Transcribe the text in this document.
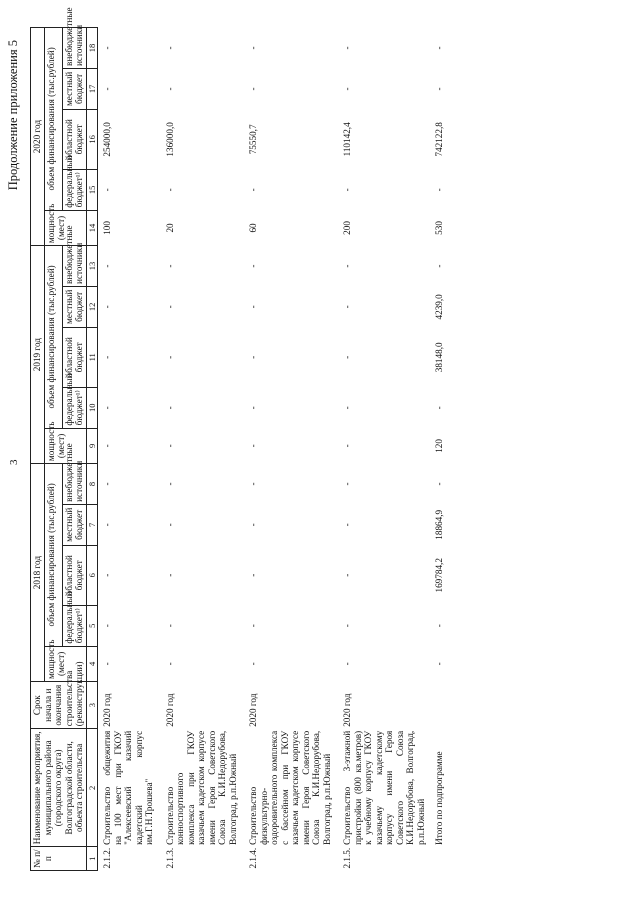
3
Продолжение приложения 5
№ п/п	Наименование мероприятия, муниципального района (городского округа) Волгоградской области, объекта строительства	Срок начала и окончания строительства (реконструкции)	2018 год					2019 год					2020 год				
			мощность (мест)	объем финансирования (тыс.рублей)				мощность (мест)	объем финансирования (тыс.рублей)				мощность (мест)	объем финансирования (тыс.рублей)			
				федеральный бюджет¹⁾	областной бюджет	местный бюджет	внебюджетные источники		федеральный бюджет¹⁾	областной бюджет	местный бюджет	внебюджетные источники		федеральный бюджет¹⁾	областной бюджет	местный бюджет	внебюджетные источники
1	2	3	4	5	6	7	8	9	10	11	12	13	14	15	16	17	18
2.1.2.	Строительство общежития на 100 мест при ГКОУ "Алексеевский казачий кадетский корпус им.Г.Н.Трошева"	2020 год	-	-	-	-	-	-	-	-	-	-	100	-	254000,0	-	-
2.1.3.	Строительство конноспортивного комплекса при ГКОУ казачьем кадетском корпусе имени Героя Советского Союза К.И.Недорубова, Волгоград, р.п.Южный	2020 год	-	-	-	-	-	-	-	-	-	-	20	-	136000,0	-	-
2.1.4.	Строительство физкультурно-оздоровительного комплекса с бассейном при ГКОУ казачьем кадетском корпусе имени Героя Советского Союза К.И.Недорубова, Волгоград, р.п.Южный	2020 год	-	-	-	-	-	-	-	-	-	-	60	-	75550,7	-	-
2.1.5.	Строительство 3-этажной пристройки (800 кв.метров) к учебному корпусу ГКОУ казачьему кадетскому корпусу имени Героя Советского Союза К.И.Недорубова, Волгоград, р.п.Южный	2020 год	-	-	-	-	-	-	-	-	-	-	200	-	110142,4	-	-
	Итого по подпрограмме		-	-	169784,2	18864,9	-	120	-	38148,0	4239,0	-	530	-	742122,8	-	-
